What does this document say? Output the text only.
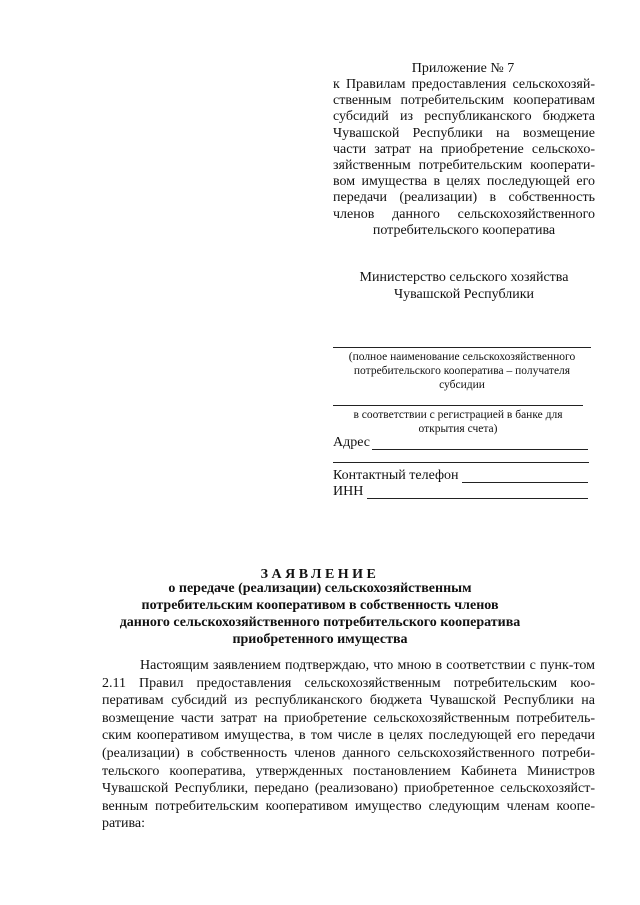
Приложение № 7
к Правилам предоставления сельскохозяй-ственным потребительским кооперативам субсидий из республиканского бюджета Чувашской Республики на возмещение части затрат на приобретение сельскохо-зяйственным потребительским кооперати-вом имущества в целях последующей его передачи (реализации) в собственность членов данного сельскохозяйственного потребительского кооператива
Министерство сельского хозяйства
Чувашской Республики
(полное наименование сельскохозяйственного потребительского кооператива – получателя субсидии
в соответствии с регистрацией в банке для открытия счета)
Адрес
Контактный телефон
ИНН
ЗАЯВЛЕНИЕ
о передаче (реализации) сельскохозяйственным потребительским кооперативом в собственность членов данного сельскохозяйственного потребительского кооператива приобретенного имущества
Настоящим заявлением подтверждаю, что мною в соответствии с пунк-том 2.11 Правил предоставления сельскохозяйственным потребительским коо-перативам субсидий из республиканского бюджета Чувашской Республики на возмещение части затрат на приобретение сельскохозяйственным потребитель-ским кооперативом имущества, в том числе в целях последующей его передачи (реализации) в собственность членов данного сельскохозяйственного потреби-тельского кооператива, утвержденных постановлением Кабинета Министров Чувашской Республики, передано (реализовано) приобретенное сельскохозяйст-венным потребительским кооперативом имущество следующим членам коопе-ратива:
